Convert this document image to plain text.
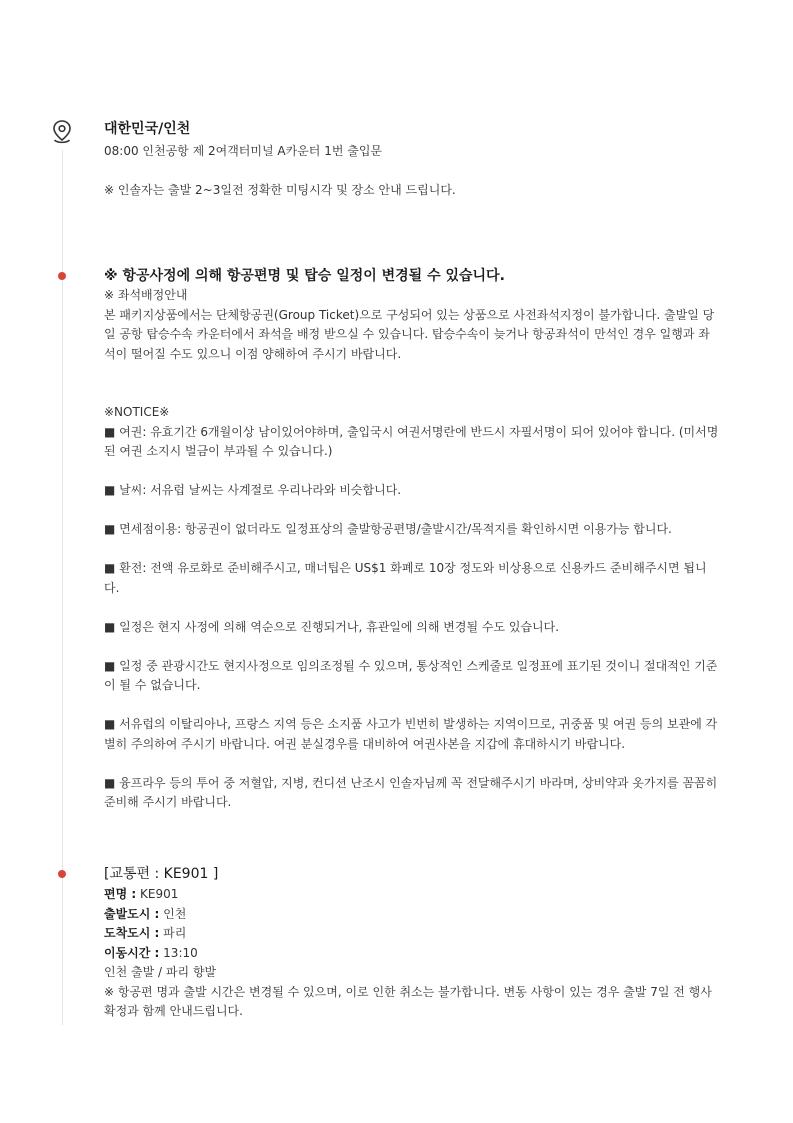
대한민국/인천
08:00 인천공항 제 2여객터미널 A카운터 1번 출입문
※ 인솔자는 출발 2~3일전 정확한 미팅시각 및 장소 안내 드립니다.
※ 항공사정에 의해 항공편명 및 탑승 일정이 변경될 수 있습니다.
※ 좌석배정안내
본 패키지상품에서는 단체항공권(Group Ticket)으로 구성되어 있는 상품으로 사전좌석지정이 불가합니다. 출발일 당
일 공항 탑승수속 카운터에서 좌석을 배정 받으실 수 있습니다. 탑승수속이 늦거나 항공좌석이 만석인 경우 일행과 좌
석이 떨어질 수도 있으니 이점 양해하여 주시기 바랍니다.
※NOTICE※
■ 여권: 유효기간 6개월이상 남이있어야하며, 출입국시 여권서명란에 반드시 자필서명이 되어 있어야 합니다. (미서명
된 여권 소지시 벌금이 부과될 수 있습니다.)
■ 날씨: 서유럽 날씨는 사계절로 우리나라와 비슷합니다.
■ 면세점이용: 항공권이 없더라도 일정표상의 출발항공편명/출발시간/목적지를 확인하시면 이용가능 합니다.
■ 환전: 전액 유로화로 준비해주시고, 매너팁은 US$1 화폐로 10장 정도와 비상용으로 신용카드 준비해주시면 됩니
다.
■ 일정은 현지 사정에 의해 역순으로 진행되거나, 휴관일에 의해 변경될 수도 있습니다.
■ 일정 중 관광시간도 현지사정으로 임의조정될 수 있으며, 통상적인 스케줄로 일정표에 표기된 것이니 절대적인 기준
이 될 수 없습니다.
■ 서유럽의 이탈리아나, 프랑스 지역 등은 소지품 사고가 빈번히 발생하는 지역이므로, 귀중품 및 여권 등의 보관에 각
별히 주의하여 주시기 바랍니다. 여권 분실경우를 대비하여 여권사본을 지갑에 휴대하시기 바랍니다.
■ 융프라우 등의 투어 중 저혈압, 지병, 컨디션 난조시 인솔자님께 꼭 전달해주시기 바라며, 상비약과 옷가지를 꼼꼼히
준비해 주시기 바랍니다.
[교통편 : KE901 ]
편명 : KE901
출발도시 : 인천
도착도시 : 파리
이동시간 : 13:10
인천 출발 / 파리 향발
※ 항공편 명과 출발 시간은 변경될 수 있으며, 이로 인한 취소는 불가합니다. 변동 사항이 있는 경우 출발 7일 전 행사
확정과 함께 안내드립니다.
